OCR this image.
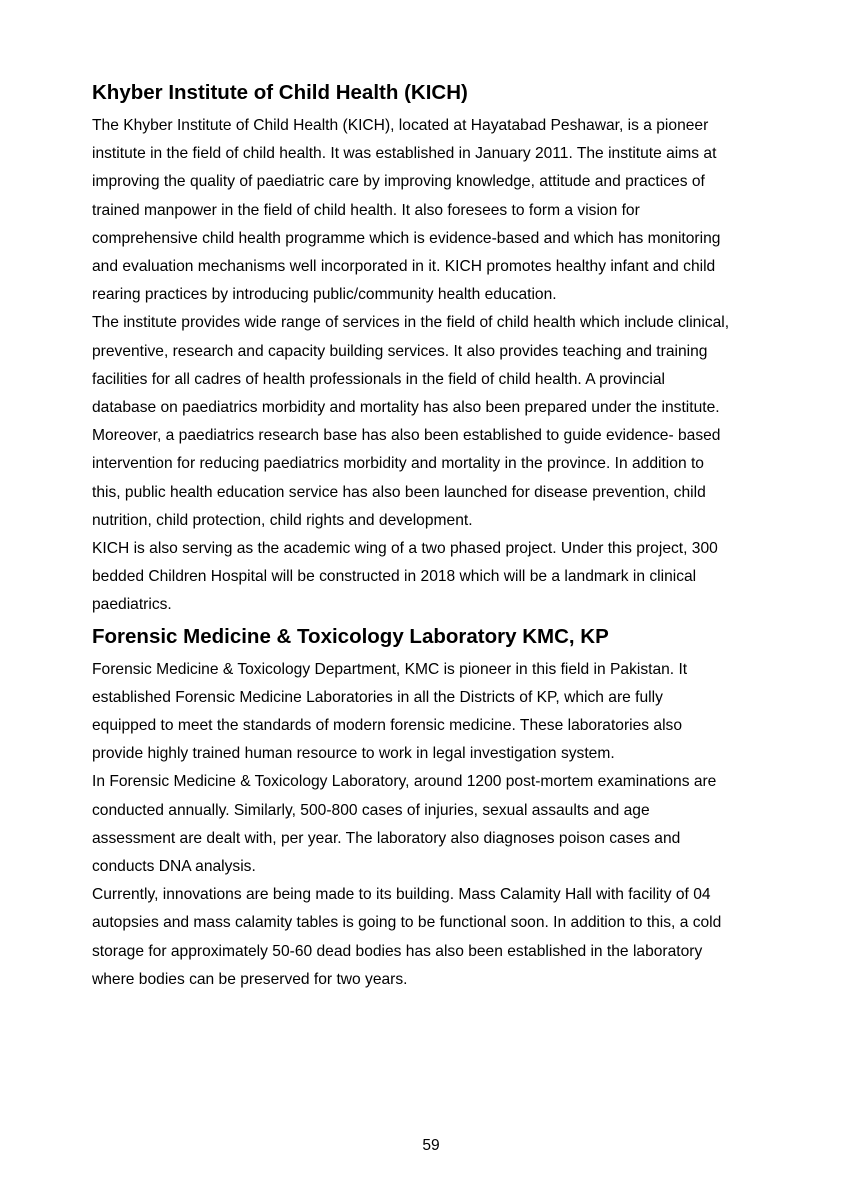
Khyber Institute of Child Health (KICH)

The Khyber Institute of Child Health (KICH), located at Hayatabad Peshawar, is a pioneer
institute in the field of child health. It was established in January 2011. The institute aims at
improving the quality of paediatric care by improving knowledge, attitude and practices of
trained manpower in the field of child health. It also foresees to form a vision for
comprehensive child health programme which is evidence-based and which has monitoring
and evaluation mechanisms well incorporated in it. KICH promotes healthy infant and child
rearing practices by introducing public/community health education.

The institute provides wide range of services in the field of child health which include clinical,
preventive, research and capacity building services. It also provides teaching and training
facilities for all cadres of health professionals in the field of child health. A provincial
database on paediatrics morbidity and mortality has also been prepared under the institute.
Moreover, a paediatrics research base has also been established to guide evidence- based
intervention for reducing paediatrics morbidity and mortality in the province. In addition to
this, public health education service has also been launched for disease prevention, child
nutrition, child protection, child rights and development.

KICH is also serving as the academic wing of a two phased project. Under this project, 300
bedded Children Hospital will be constructed in 2018 which will be a landmark in clinical
paediatrics.

Forensic Medicine & Toxicology Laboratory KMC, KP

Forensic Medicine & Toxicology Department, KMC is pioneer in this field in Pakistan. It
established Forensic Medicine Laboratories in all the Districts of KP, which are fully
equipped to meet the standards of modern forensic medicine. These laboratories also
provide highly trained human resource to work in legal investigation system.

In Forensic Medicine & Toxicology Laboratory, around 1200 post-mortem examinations are
conducted annually. Similarly, 500-800 cases of injuries, sexual assaults and age
assessment are dealt with, per year. The laboratory also diagnoses poison cases and
conducts DNA analysis.

Currently, innovations are being made to its building. Mass Calamity Hall with facility of 04
autopsies and mass calamity tables is going to be functional soon. In addition to this, a cold
storage for approximately 50-60 dead bodies has also been established in the laboratory
where bodies can be preserved for two years.

59
